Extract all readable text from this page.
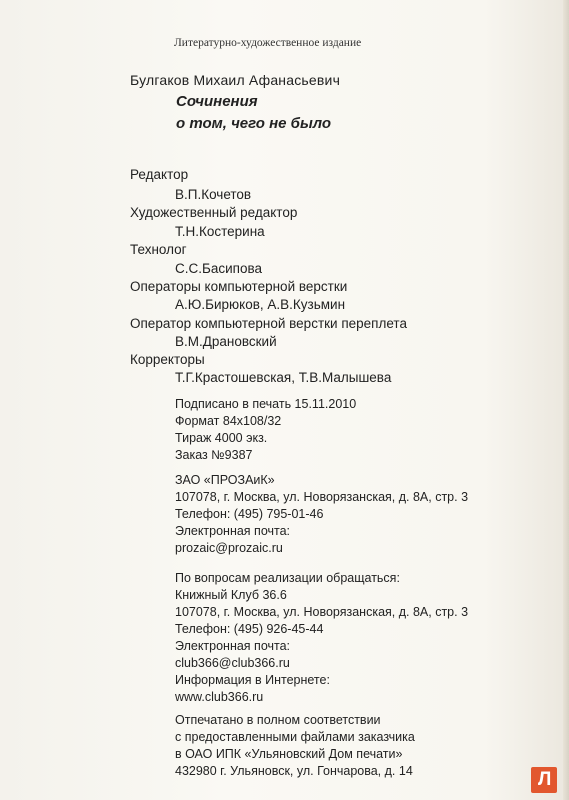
Литературно-художественное издание
Булгаков Михаил Афанасьевич
Сочинения
о том, чего не было
Редактор
В.П.Кочетов
Художественный редактор
Т.Н.Костерина
Технолог
С.С.Басипова
Операторы компьютерной верстки
А.Ю.Бирюков, А.В.Кузьмин
Оператор компьютерной верстки переплета
В.М.Драновский
Корректоры
Т.Г.Крастошевская, Т.В.Малышева
Подписано в печать 15.11.2010
Формат 84x108/32
Тираж 4000 экз.
Заказ №9387
ЗАО «ПРОЗАиК»
107078, г. Москва, ул. Новорязанская, д. 8А, стр. 3
Телефон: (495) 795-01-46
Электронная почта:
prozaic@prozaic.ru
По вопросам реализации обращаться:
Книжный Клуб 36.6
107078, г. Москва, ул. Новорязанская, д. 8А, стр. 3
Телефон: (495) 926-45-44
Электронная почта:
club366@club366.ru
Информация в Интернете:
www.club366.ru
Отпечатано в полном соответствии
с предоставленными файлами заказчика
в ОАО ИПК «Ульяновский Дом печати»
432980 г. Ульяновск, ул. Гончарова, д. 14	Л
